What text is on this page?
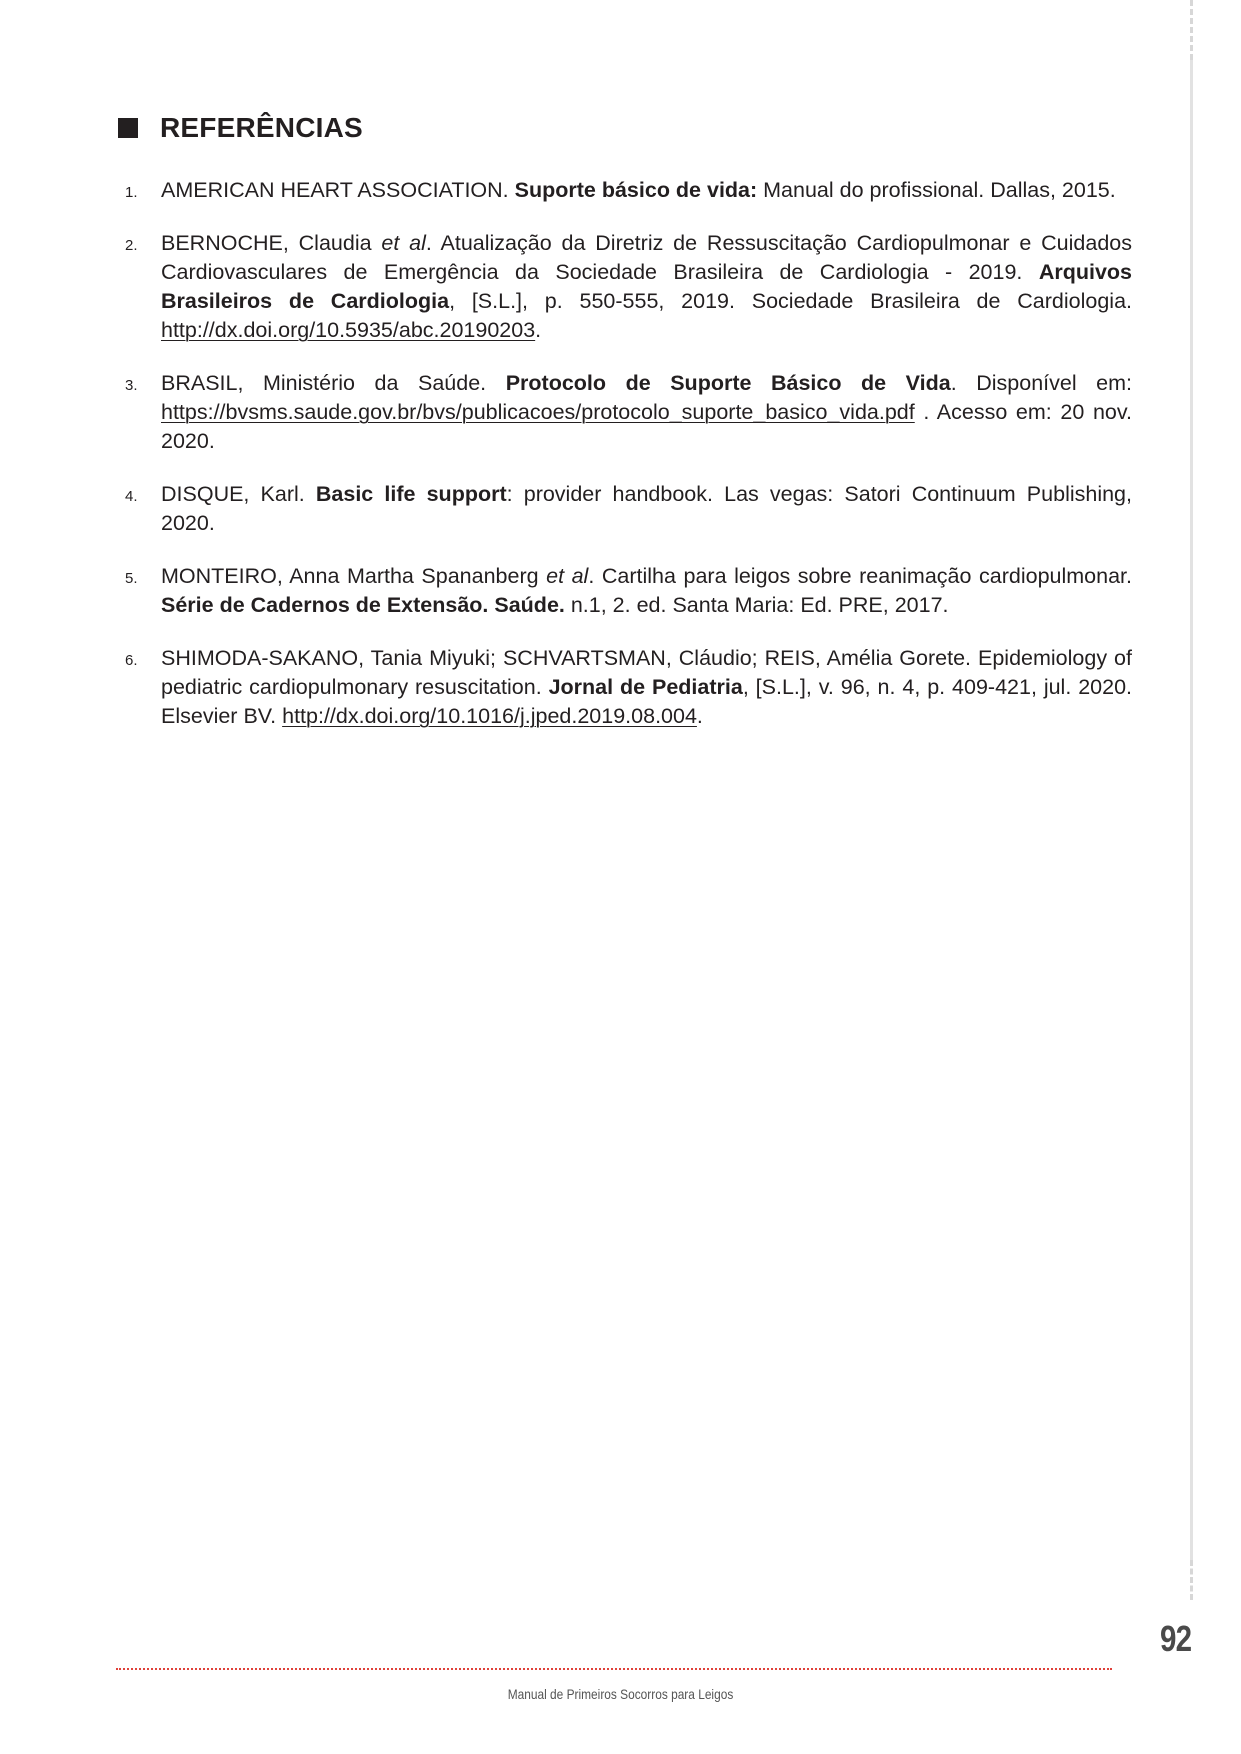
REFERÊNCIAS
1. AMERICAN HEART ASSOCIATION. Suporte básico de vida: Manual do profissional. Dallas, 2015.
2. BERNOCHE, Claudia et al. Atualização da Diretriz de Ressuscitação Cardiopulmonar e Cuidados Cardiovasculares de Emergência da Sociedade Brasileira de Cardiologia - 2019. Arquivos Brasileiros de Cardiologia, [S.L.], p. 550-555, 2019. Sociedade Brasileira de Cardiologia. http://dx.doi.org/10.5935/abc.20190203.
3. BRASIL, Ministério da Saúde. Protocolo de Suporte Básico de Vida. Disponível em: https://bvsms.saude.gov.br/bvs/publicacoes/protocolo_suporte_basico_vida.pdf . Acesso em: 20 nov. 2020.
4. DISQUE, Karl. Basic life support: provider handbook. Las vegas: Satori Continuum Publishing, 2020.
5. MONTEIRO, Anna Martha Spananberg et al. Cartilha para leigos sobre reanimação cardiopulmonar. Série de Cadernos de Extensão. Saúde. n.1, 2. ed. Santa Maria: Ed. PRE, 2017.
6. SHIMODA-SAKANO, Tania Miyuki; SCHVARTSMAN, Cláudio; REIS, Amélia Gorete. Epidemiology of pediatric cardiopulmonary resuscitation. Jornal de Pediatria, [S.L.], v. 96, n. 4, p. 409-421, jul. 2020. Elsevier BV. http://dx.doi.org/10.1016/j.jped.2019.08.004.
92
Manual de Primeiros Socorros para Leigos
